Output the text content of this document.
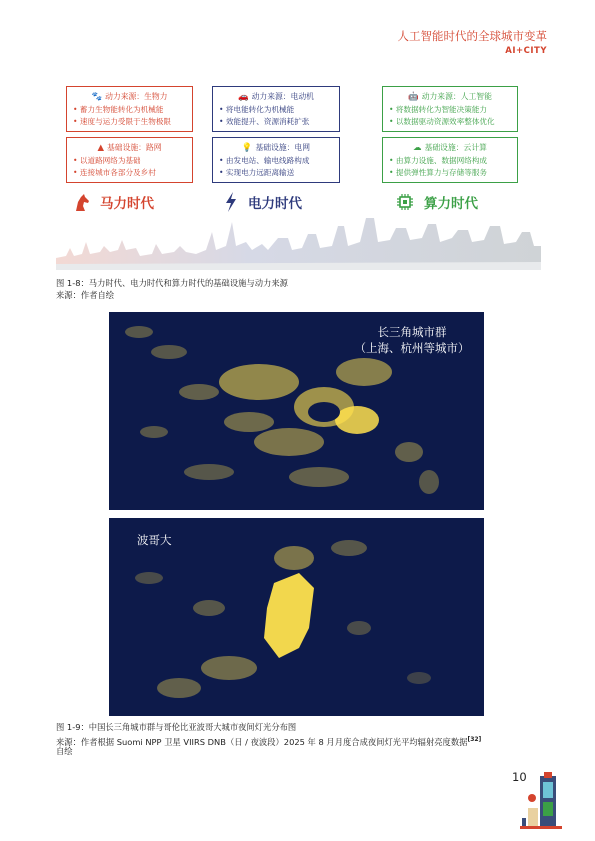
人工智能时代的全球城市变革
AI+CITY
🐾 动力来源：生物力
• 蓄力生物能转化为机械能
• 速度与运力受限于生物极限
▲ 基础设施：路网
• 以道路网络为基础
• 连接城市各部分及乡村
🚗 动力来源：电动机
• 将电能转化为机械能
• 效能提升、资源消耗扩张
💡 基础设施：电网
• 由发电站、输电线路构成
• 实现电力远距离输送
🤖 动力来源：人工智能
• 将数据转化为智能决策能力
• 以数据驱动资源效率整体优化
☁ 基础设施：云计算
• 由算力设施、数据网络构成
• 提供弹性算力与存储等服务
马力时代	电力时代	算力时代
图 1-8：马力时代、电力时代和算力时代的基础设施与动力来源
来源：作者自绘
长三角城市群
（上海、杭州等城市）
波哥大
图 1-9：中国长三角城市群与哥伦比亚波哥大城市夜间灯光分布图
来源：作者根据 Suomi NPP 卫星 VIIRS DNB（日 / 夜波段）2025 年 8 月月度合成夜间灯光平均辐射亮度数据[32]
自绘
10
